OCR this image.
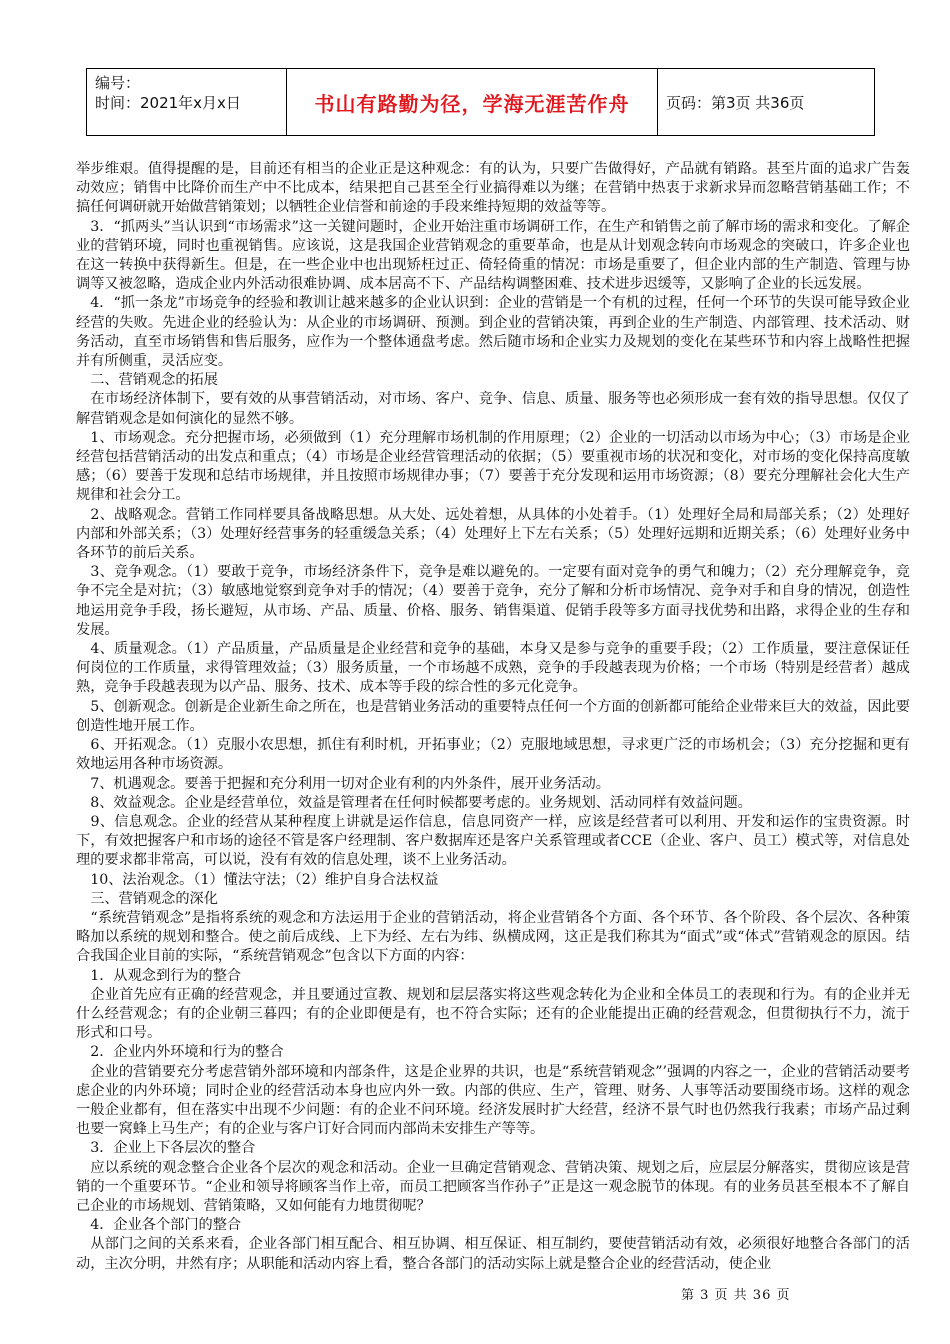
编号：
时间：2021年x月x日	书山有路勤为径，学海无涯苦作舟	页码：第3页 共36页

举步维艰。值得提醒的是，目前还有相当的企业正是这种观念：有的认为，只要广告做得好，产品就有销路。甚至片面的追求广告轰动效应；销售中比降价而生产中不比成本，结果把自己甚至全行业搞得难以为继；在营销中热衷于求新求异而忽略营销基础工作；不搞任何调研就开始做营销策划；以牺牲企业信誉和前途的手段来维持短期的效益等等。

　3．“抓两头”当认识到“市场需求”这一关键问题时，企业开始注重市场调研工作，在生产和销售之前了解市场的需求和变化。了解企业的营销环境，同时也重视销售。应该说，这是我国企业营销观念的重要革命，也是从计划观念转向市场观念的突破口，许多企业也在这一转换中获得新生。但是，在一些企业中也出现矫枉过正、倚轻倚重的情况：市场是重要了，但企业内部的生产制造、管理与协调等又被忽略，造成企业内外活动很难协调、成本居高不下、产品结构调整困难、技术进步迟缓等，又影响了企业的长远发展。

　4．“抓一条龙”市场竞争的经验和教训让越来越多的企业认识到：企业的营销是一个有机的过程，任何一个环节的失误可能导致企业经营的失败。先进企业的经验认为：从企业的市场调研、预测。到企业的营销决策，再到企业的生产制造、内部管理、技术活动、财务活动，直至市场销售和售后服务，应作为一个整体通盘考虑。然后随市场和企业实力及规划的变化在某些环节和内容上战略性把握并有所侧重，灵活应变。

　二、营销观念的拓展

　在市场经济体制下，要有效的从事营销活动，对市场、客户、竞争、信息、质量、服务等也必须形成一套有效的指导思想。仅仅了解营销观念是如何演化的显然不够。

　1、市场观念。充分把握市场，必须做到（1）充分理解市场机制的作用原理；（2）企业的一切活动以市场为中心；（3）市场是企业经营包括营销活动的出发点和重点；（4）市场是企业经营管理活动的依据；（5）要重视市场的状况和变化，对市场的变化保持高度敏感；（6）要善于发现和总结市场规律，并且按照市场规律办事；（7）要善于充分发现和运用市场资源；（8）要充分理解社会化大生产规律和社会分工。

　2、战略观念。营销工作同样要具备战略思想。从大处、远处着想，从具体的小处着手。（1）处理好全局和局部关系；（2）处理好内部和外部关系；（3）处理好经营事务的轻重缓急关系；（4）处理好上下左右关系；（5）处理好远期和近期关系；（6）处理好业务中各环节的前后关系。

　3、竞争观念。（1）要敢于竞争，市场经济条件下，竞争是难以避免的。一定要有面对竞争的勇气和魄力；（2）充分理解竞争，竞争不完全是对抗；（3）敏感地觉察到竞争对手的情况；（4）要善于竞争，充分了解和分析市场情况、竞争对手和自身的情况，创造性地运用竞争手段，扬长避短，从市场、产品、质量、价格、服务、销售渠道、促销手段等多方面寻找优势和出路，求得企业的生存和发展。

　4、质量观念。（1）产品质量，产品质量是企业经营和竞争的基础，本身又是参与竞争的重要手段；（2）工作质量，要注意保证任何岗位的工作质量，求得管理效益；（3）服务质量，一个市场越不成熟，竞争的手段越表现为价格；一个市场（特别是经营者）越成熟，竞争手段越表现为以产品、服务、技术、成本等手段的综合性的多元化竞争。

　5、创新观念。创新是企业新生命之所在，也是营销业务活动的重要特点任何一个方面的创新都可能给企业带来巨大的效益，因此要创造性地开展工作。

　6、开拓观念。（1）克服小农思想，抓住有利时机，开拓事业；（2）克服地域思想，寻求更广泛的市场机会；（3）充分挖掘和更有效地运用各种市场资源。

　7、机遇观念。要善于把握和充分利用一切对企业有利的内外条件，展开业务活动。

　8、效益观念。企业是经营单位，效益是管理者在任何时候都要考虑的。业务规划、活动同样有效益问题。

　9、信息观念。企业的经营从某种程度上讲就是运作信息，信息同资产一样，应该是经营者可以利用、开发和运作的宝贵资源。时下，有效把握客户和市场的途径不管是客户经理制、客户数据库还是客户关系管理或者CCE（企业、客户、员工）模式等，对信息处理的要求都非常高，可以说，没有有效的信息处理，谈不上业务活动。

　10、法治观念。（1）懂法守法；（2）维护自身合法权益

　三、营销观念的深化

　“系统营销观念”是指将系统的观念和方法运用于企业的营销活动，将企业营销各个方面、各个环节、各个阶段、各个层次、各种策略加以系统的规划和整合。使之前后成线、上下为经、左右为纬、纵横成网，这正是我们称其为“面式”或“体式”营销观念的原因。结合我国企业目前的实际，“系统营销观念”包含以下方面的内容：

　1．从观念到行为的整合

　企业首先应有正确的经营观念，并且要通过宣教、规划和层层落实将这些观念转化为企业和全体员工的表现和行为。有的企业并无什么经营观念；有的企业朝三暮四；有的企业即便是有，也不符合实际；还有的企业能提出正确的经营观念，但贯彻执行不力，流于形式和口号。

　2．企业内外环境和行为的整合

　企业的营销要充分考虑营销外部环境和内部条件，这是企业界的共识，也是“系统营销观念”’强调的内容之一，企业的营销活动要考虑企业的内外环境；同时企业的经营活动本身也应内外一致。内部的供应、生产，管理、财务、人事等活动要围绕市场。这样的观念一般企业都有，但在落实中出现不少问题：有的企业不问环境。经济发展时扩大经营，经济不景气时也仍然我行我素；市场产品过剩也要一窝蜂上马生产；有的企业与客户订好合同而内部尚未安排生产等等。

　3．企业上下各层次的整合

　应以系统的观念整合企业各个层次的观念和活动。企业一旦确定营销观念、营销决策、规划之后，应层层分解落实，贯彻应该是营销的一个重要环节。“企业和领导将顾客当作上帝，而员工把顾客当作孙子”正是这一观念脱节的体现。有的业务员甚至根本不了解自己企业的市场规划、营销策略，又如何能有力地贯彻呢？

　4．企业各个部门的整合

　从部门之间的关系来看，企业各部门相互配合、相互协调、相互保证、相互制约，要使营销活动有效，必须很好地整合各部门的活动，主次分明，井然有序；从职能和活动内容上看，整合各部门的活动实际上就是整合企业的经营活动，使企业

第 3 页 共 36 页
